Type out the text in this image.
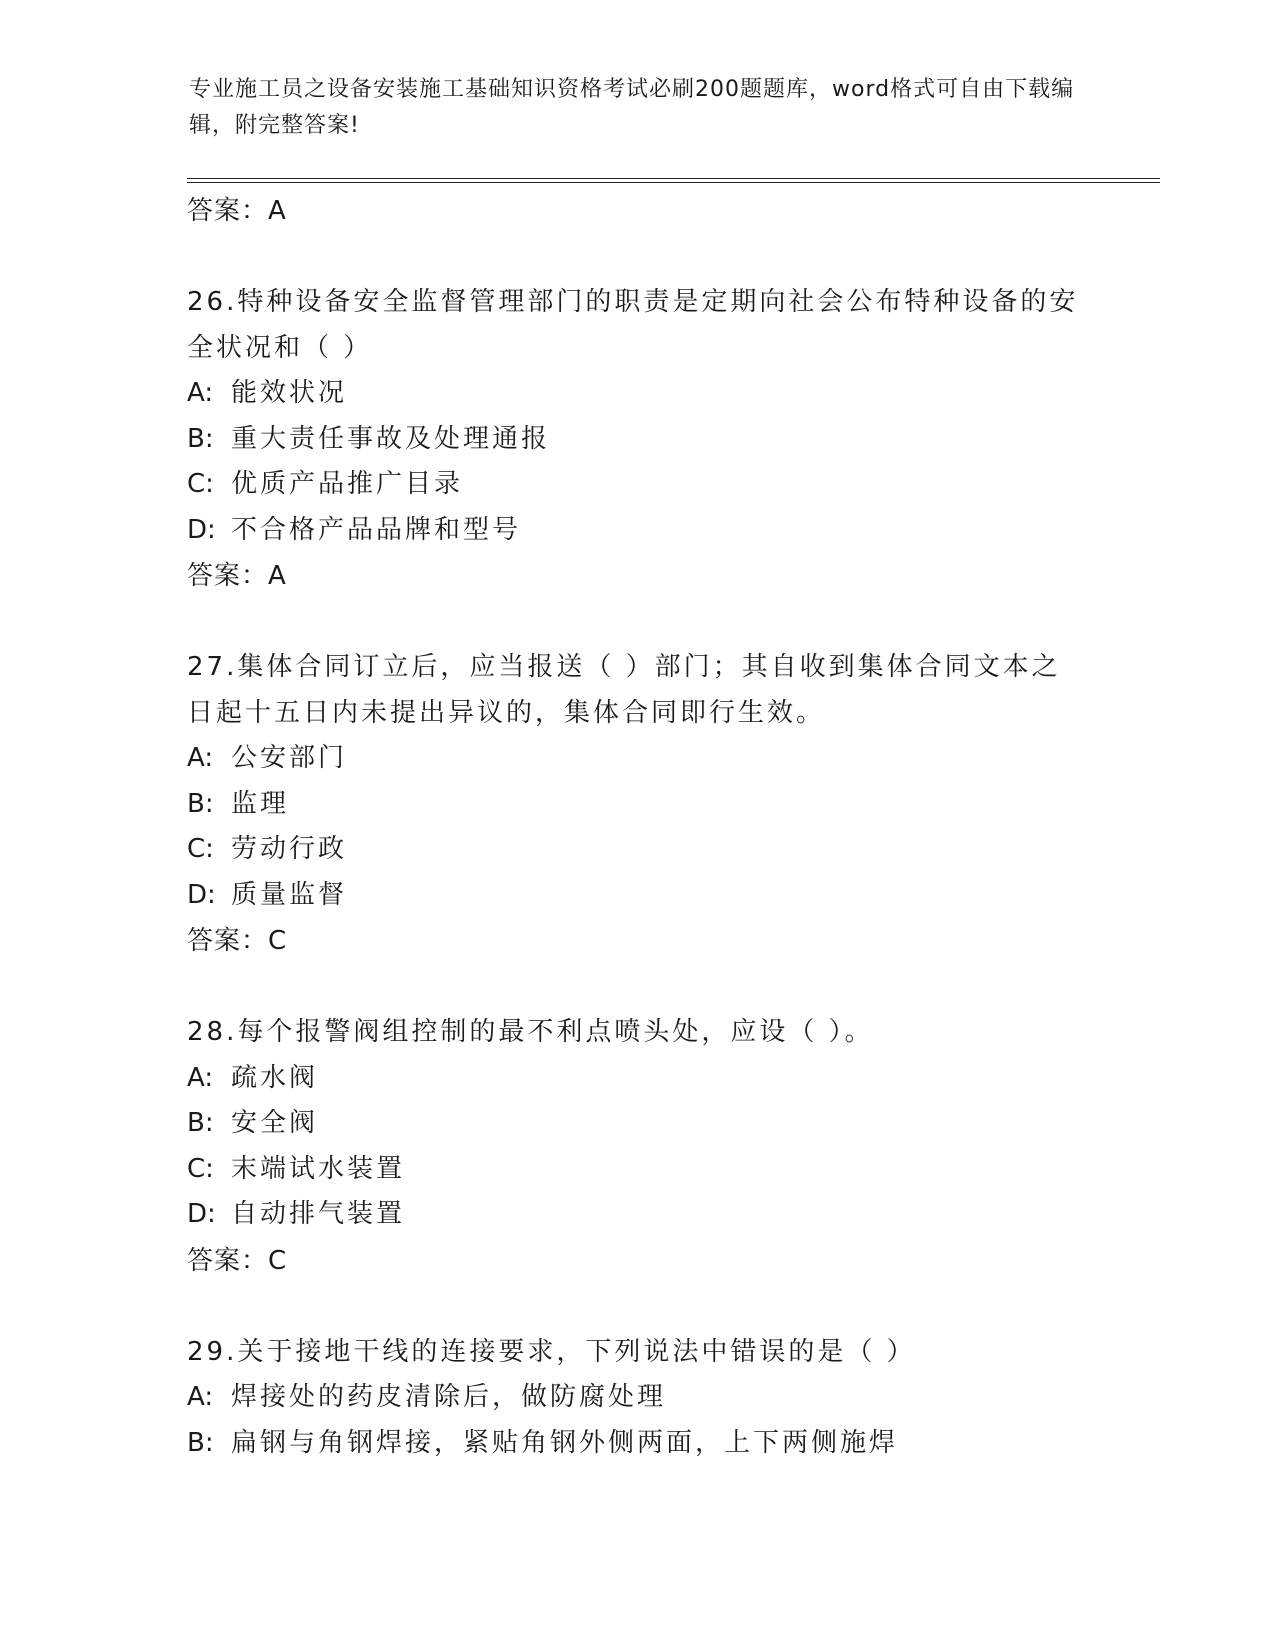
专业施工员之设备安装施工基础知识资格考试必刷200题题库，word格式可自由下载编辑，附完整答案!
答案：A
26.特种设备安全监督管理部门的职责是定期向社会公布特种设备的安全状况和（ ）
A: 能效状况
B: 重大责任事故及处理通报
C: 优质产品推广目录
D: 不合格产品品牌和型号
答案：A
27.集体合同订立后，应当报送（ ）部门；其自收到集体合同文本之日起十五日内未提出异议的，集体合同即行生效。
A: 公安部门
B: 监理
C: 劳动行政
D: 质量监督
答案：C
28.每个报警阀组控制的最不利点喷头处，应设（ ）。
A: 疏水阀
B: 安全阀
C: 末端试水装置
D: 自动排气装置
答案：C
29.关于接地干线的连接要求，下列说法中错误的是（ ）
A: 焊接处的药皮清除后，做防腐处理
B: 扁钢与角钢焊接，紧贴角钢外侧两面，上下两侧施焊
